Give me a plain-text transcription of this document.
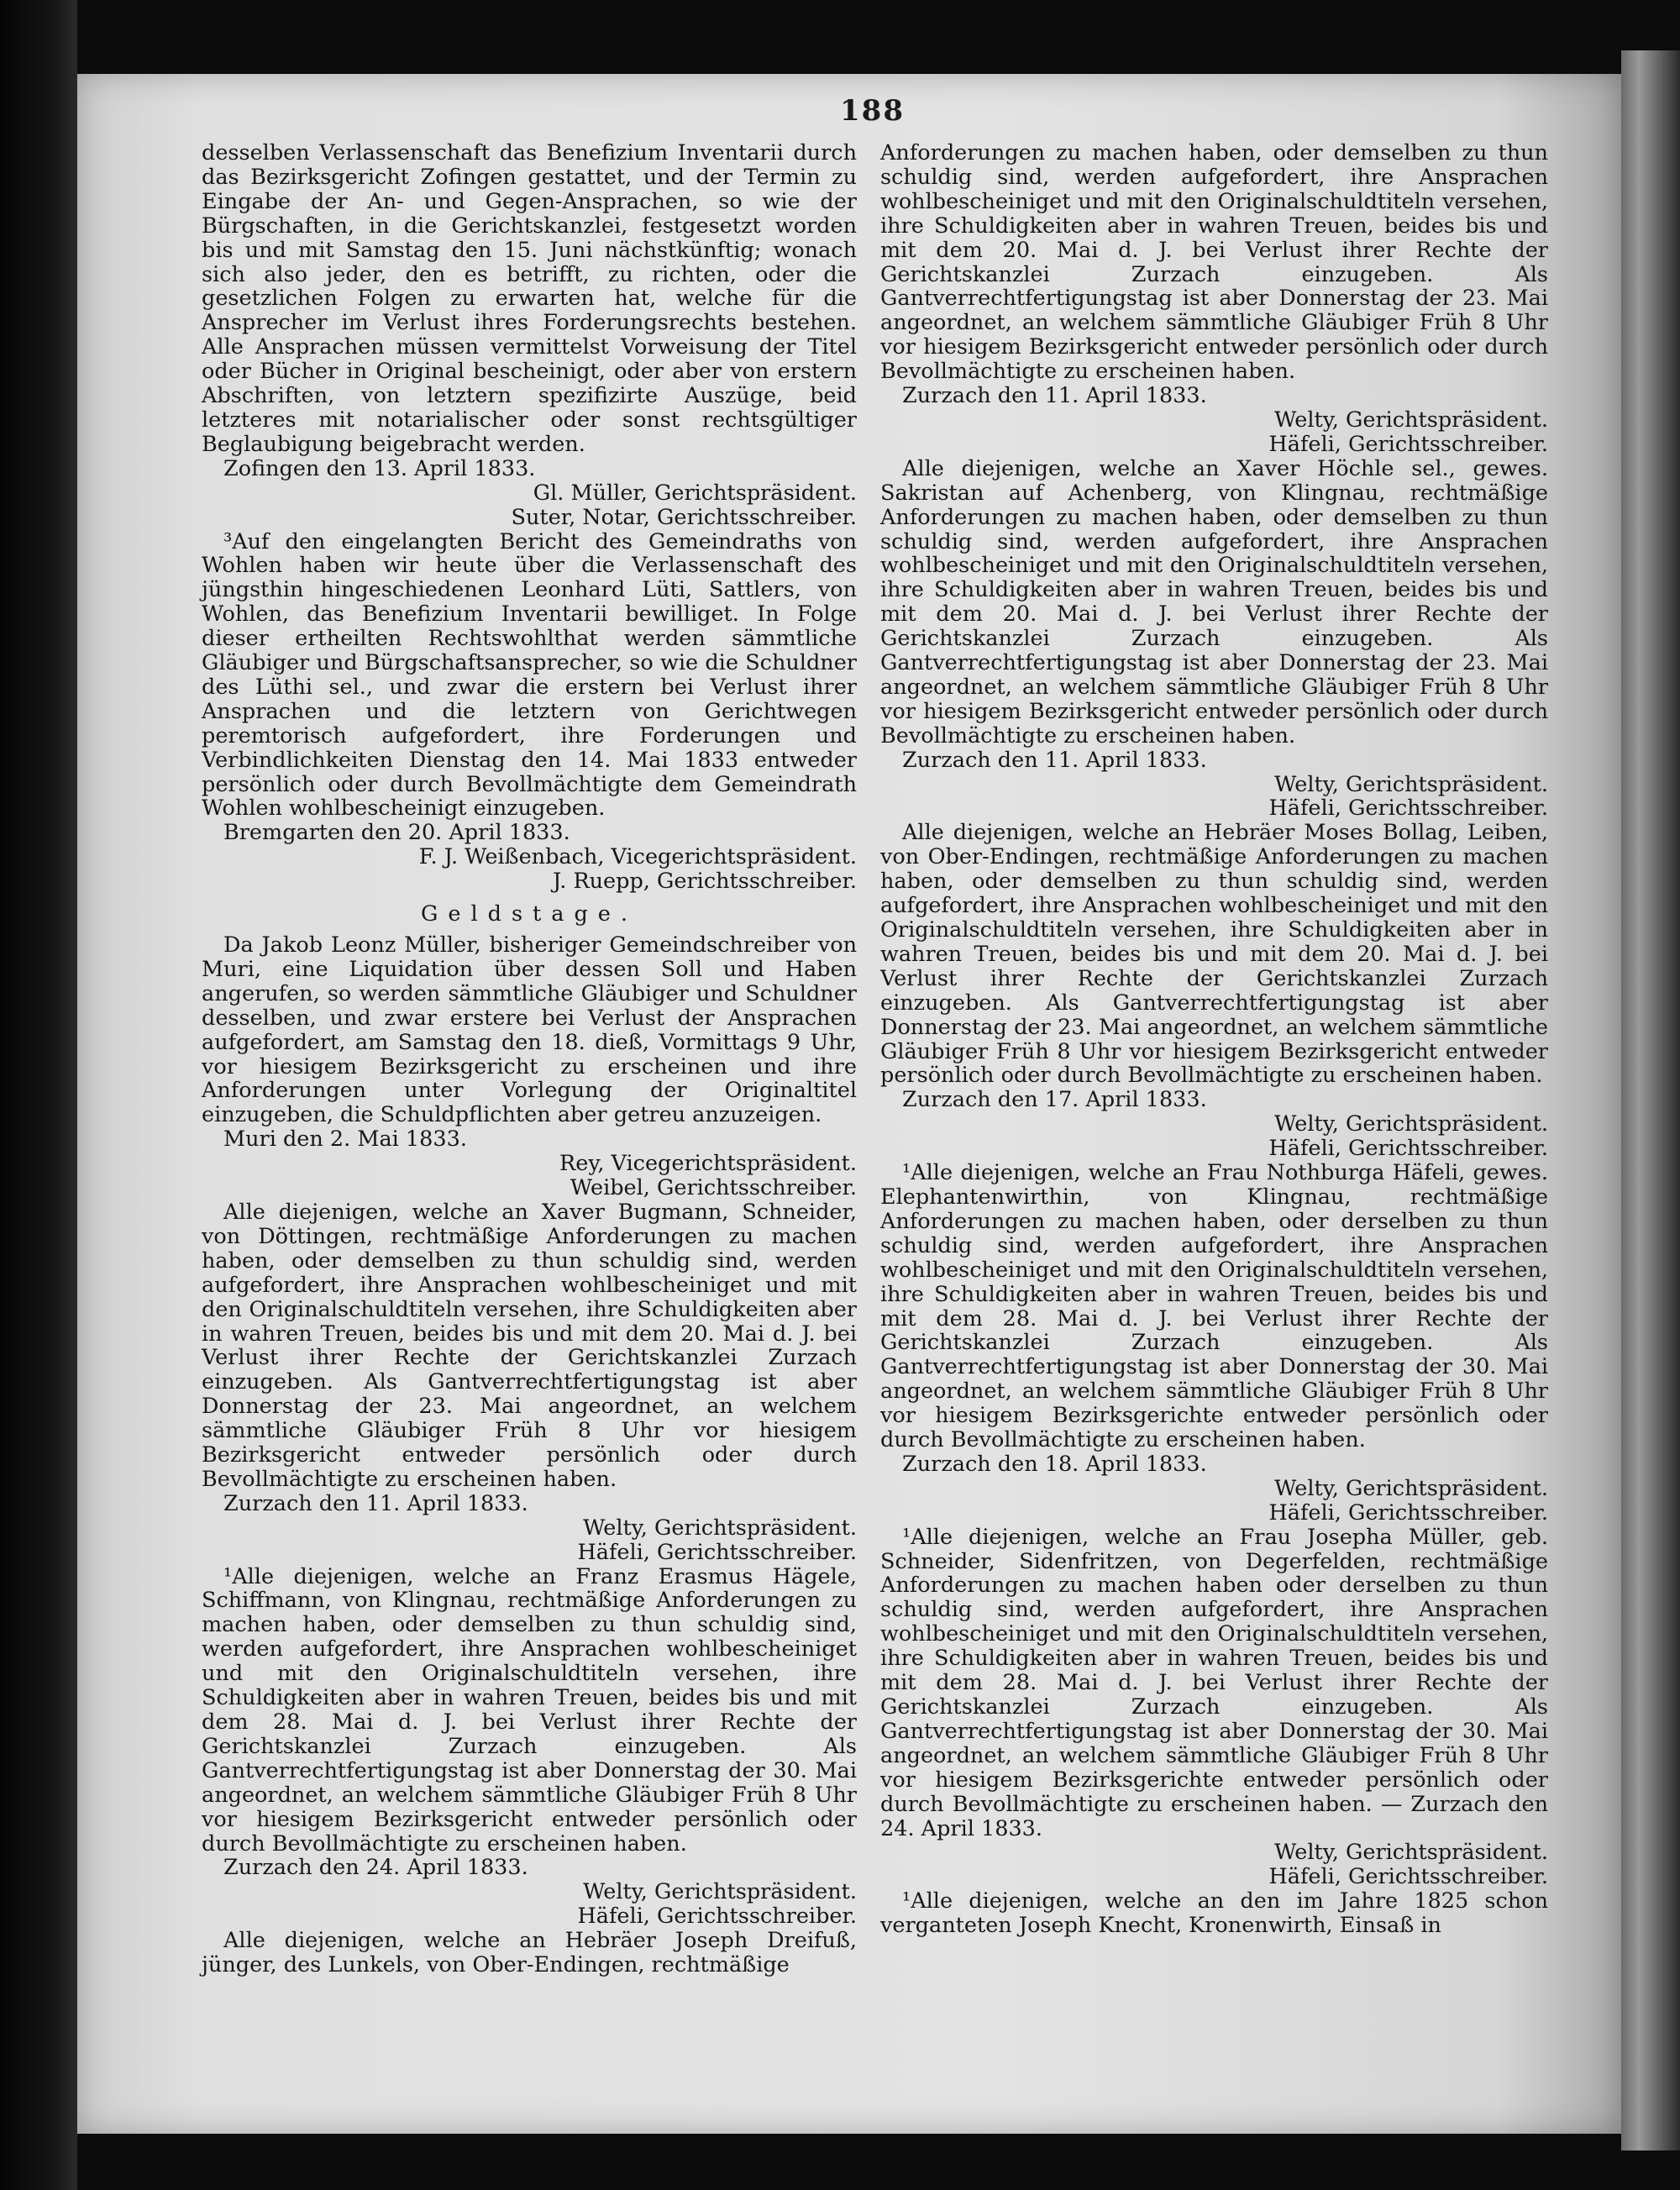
188

desselben Verlassenschaft das Benefizium Inventarii durch das Bezirksgericht Zofingen gestattet, und der Termin zu Eingabe der An- und Gegen-Ansprachen, so wie der Bürgschaften, in die Gerichtskanzlei, festgesetzt worden bis und mit Samstag den 15. Juni nächstkünftig; wonach sich also jeder, den es betrifft, zu richten, oder die gesetzlichen Folgen zu erwarten hat, welche für die Ansprecher im Verlust ihres Forderungsrechts bestehen. Alle Ansprachen müssen vermittelst Vorweisung der Titel oder Bücher in Original bescheinigt, oder aber von erstern Abschriften, von letztern spezifizirte Auszüge, beid letzteres mit notarialischer oder sonst rechtsgültiger Beglaubigung beigebracht werden.

Zofingen den 13. April 1833.

Gl. Müller, Gerichtspräsident.

Suter, Notar, Gerichtsschreiber.

³Auf den eingelangten Bericht des Gemeindraths von Wohlen haben wir heute über die Verlassenschaft des jüngsthin hingeschiedenen Leonhard Lüti, Sattlers, von Wohlen, das Benefizium Inventarii bewilliget. In Folge dieser ertheilten Rechtswohlthat werden sämmtliche Gläubiger und Bürgschaftsansprecher, so wie die Schuldner des Lüthi sel., und zwar die erstern bei Verlust ihrer Ansprachen und die letztern von Gerichtwegen peremtorisch aufgefordert, ihre Forderungen und Verbindlichkeiten Dienstag den 14. Mai 1833 entweder persönlich oder durch Bevollmächtigte dem Gemeindrath Wohlen wohlbescheinigt einzugeben.

Bremgarten den 20. April 1833.

F. J. Weißenbach, Vicegerichtspräsident.

J. Ruepp, Gerichtsschreiber.

Geldstage.

Da Jakob Leonz Müller, bisheriger Gemeindschreiber von Muri, eine Liquidation über dessen Soll und Haben angerufen, so werden sämmtliche Gläubiger und Schuldner desselben, und zwar erstere bei Verlust der Ansprachen aufgefordert, am Samstag den 18. dieß, Vormittags 9 Uhr, vor hiesigem Bezirksgericht zu erscheinen und ihre Anforderungen unter Vorlegung der Originaltitel einzugeben, die Schuldpflichten aber getreu anzuzeigen.

Muri den 2. Mai 1833.

Rey, Vicegerichtspräsident.

Weibel, Gerichtsschreiber.

Alle diejenigen, welche an Xaver Bugmann, Schneider, von Döttingen, rechtmäßige Anforderungen zu machen haben, oder demselben zu thun schuldig sind, werden aufgefordert, ihre Ansprachen wohlbescheiniget und mit den Originalschuldtiteln versehen, ihre Schuldigkeiten aber in wahren Treuen, beides bis und mit dem 20. Mai d. J. bei Verlust ihrer Rechte der Gerichtskanzlei Zurzach einzugeben. Als Gantverrechtfertigungstag ist aber Donnerstag der 23. Mai angeordnet, an welchem sämmtliche Gläubiger Früh 8 Uhr vor hiesigem Bezirksgericht entweder persönlich oder durch Bevollmächtigte zu erscheinen haben.

Zurzach den 11. April 1833.

Welty, Gerichtspräsident.

Häfeli, Gerichtsschreiber.

¹Alle diejenigen, welche an Franz Erasmus Hägele, Schiffmann, von Klingnau, rechtmäßige Anforderungen zu machen haben, oder demselben zu thun schuldig sind, werden aufgefordert, ihre Ansprachen wohlbescheiniget und mit den Originalschuldtiteln versehen, ihre Schuldigkeiten aber in wahren Treuen, beides bis und mit dem 28. Mai d. J. bei Verlust ihrer Rechte der Gerichtskanzlei Zurzach einzugeben. Als Gantverrechtfertigungstag ist aber Donnerstag der 30. Mai angeordnet, an welchem sämmtliche Gläubiger Früh 8 Uhr vor hiesigem Bezirksgericht entweder persönlich oder durch Bevollmächtigte zu erscheinen haben.

Zurzach den 24. April 1833.

Welty, Gerichtspräsident.

Häfeli, Gerichtsschreiber.

Alle diejenigen, welche an Hebräer Joseph Dreifuß, jünger, des Lunkels, von Ober-Endingen, rechtmäßige

Anforderungen zu machen haben, oder demselben zu thun schuldig sind, werden aufgefordert, ihre Ansprachen wohlbescheiniget und mit den Originalschuldtiteln versehen, ihre Schuldigkeiten aber in wahren Treuen, beides bis und mit dem 20. Mai d. J. bei Verlust ihrer Rechte der Gerichtskanzlei Zurzach einzugeben. Als Gantverrechtfertigungstag ist aber Donnerstag der 23. Mai angeordnet, an welchem sämmtliche Gläubiger Früh 8 Uhr vor hiesigem Bezirksgericht entweder persönlich oder durch Bevollmächtigte zu erscheinen haben.

Zurzach den 11. April 1833.

Welty, Gerichtspräsident.

Häfeli, Gerichtsschreiber.

Alle diejenigen, welche an Xaver Höchle sel., gewes. Sakristan auf Achenberg, von Klingnau, rechtmäßige Anforderungen zu machen haben, oder demselben zu thun schuldig sind, werden aufgefordert, ihre Ansprachen wohlbescheiniget und mit den Originalschuldtiteln versehen, ihre Schuldigkeiten aber in wahren Treuen, beides bis und mit dem 20. Mai d. J. bei Verlust ihrer Rechte der Gerichtskanzlei Zurzach einzugeben. Als Gantverrechtfertigungstag ist aber Donnerstag der 23. Mai angeordnet, an welchem sämmtliche Gläubiger Früh 8 Uhr vor hiesigem Bezirksgericht entweder persönlich oder durch Bevollmächtigte zu erscheinen haben.

Zurzach den 11. April 1833.

Welty, Gerichtspräsident.

Häfeli, Gerichtsschreiber.

Alle diejenigen, welche an Hebräer Moses Bollag, Leiben, von Ober-Endingen, rechtmäßige Anforderungen zu machen haben, oder demselben zu thun schuldig sind, werden aufgefordert, ihre Ansprachen wohlbescheiniget und mit den Originalschuldtiteln versehen, ihre Schuldigkeiten aber in wahren Treuen, beides bis und mit dem 20. Mai d. J. bei Verlust ihrer Rechte der Gerichtskanzlei Zurzach einzugeben. Als Gantverrechtfertigungstag ist aber Donnerstag der 23. Mai angeordnet, an welchem sämmtliche Gläubiger Früh 8 Uhr vor hiesigem Bezirksgericht entweder persönlich oder durch Bevollmächtigte zu erscheinen haben.

Zurzach den 17. April 1833.

Welty, Gerichtspräsident.

Häfeli, Gerichtsschreiber.

¹Alle diejenigen, welche an Frau Nothburga Häfeli, gewes. Elephantenwirthin, von Klingnau, rechtmäßige Anforderungen zu machen haben, oder derselben zu thun schuldig sind, werden aufgefordert, ihre Ansprachen wohlbescheiniget und mit den Originalschuldtiteln versehen, ihre Schuldigkeiten aber in wahren Treuen, beides bis und mit dem 28. Mai d. J. bei Verlust ihrer Rechte der Gerichtskanzlei Zurzach einzugeben. Als Gantverrechtfertigungstag ist aber Donnerstag der 30. Mai angeordnet, an welchem sämmtliche Gläubiger Früh 8 Uhr vor hiesigem Bezirksgerichte entweder persönlich oder durch Bevollmächtigte zu erscheinen haben.

Zurzach den 18. April 1833.

Welty, Gerichtspräsident.

Häfeli, Gerichtsschreiber.

¹Alle diejenigen, welche an Frau Josepha Müller, geb. Schneider, Sidenfritzen, von Degerfelden, rechtmäßige Anforderungen zu machen haben oder derselben zu thun schuldig sind, werden aufgefordert, ihre Ansprachen wohlbescheiniget und mit den Originalschuldtiteln versehen, ihre Schuldigkeiten aber in wahren Treuen, beides bis und mit dem 28. Mai d. J. bei Verlust ihrer Rechte der Gerichtskanzlei Zurzach einzugeben. Als Gantverrechtfertigungstag ist aber Donnerstag der 30. Mai angeordnet, an welchem sämmtliche Gläubiger Früh 8 Uhr vor hiesigem Bezirksgerichte entweder persönlich oder durch Bevollmächtigte zu erscheinen haben. — Zurzach den 24. April 1833.

Welty, Gerichtspräsident.

Häfeli, Gerichtsschreiber.

¹Alle diejenigen, welche an den im Jahre 1825 schon verganteten Joseph Knecht, Kronenwirth, Einsaß in
